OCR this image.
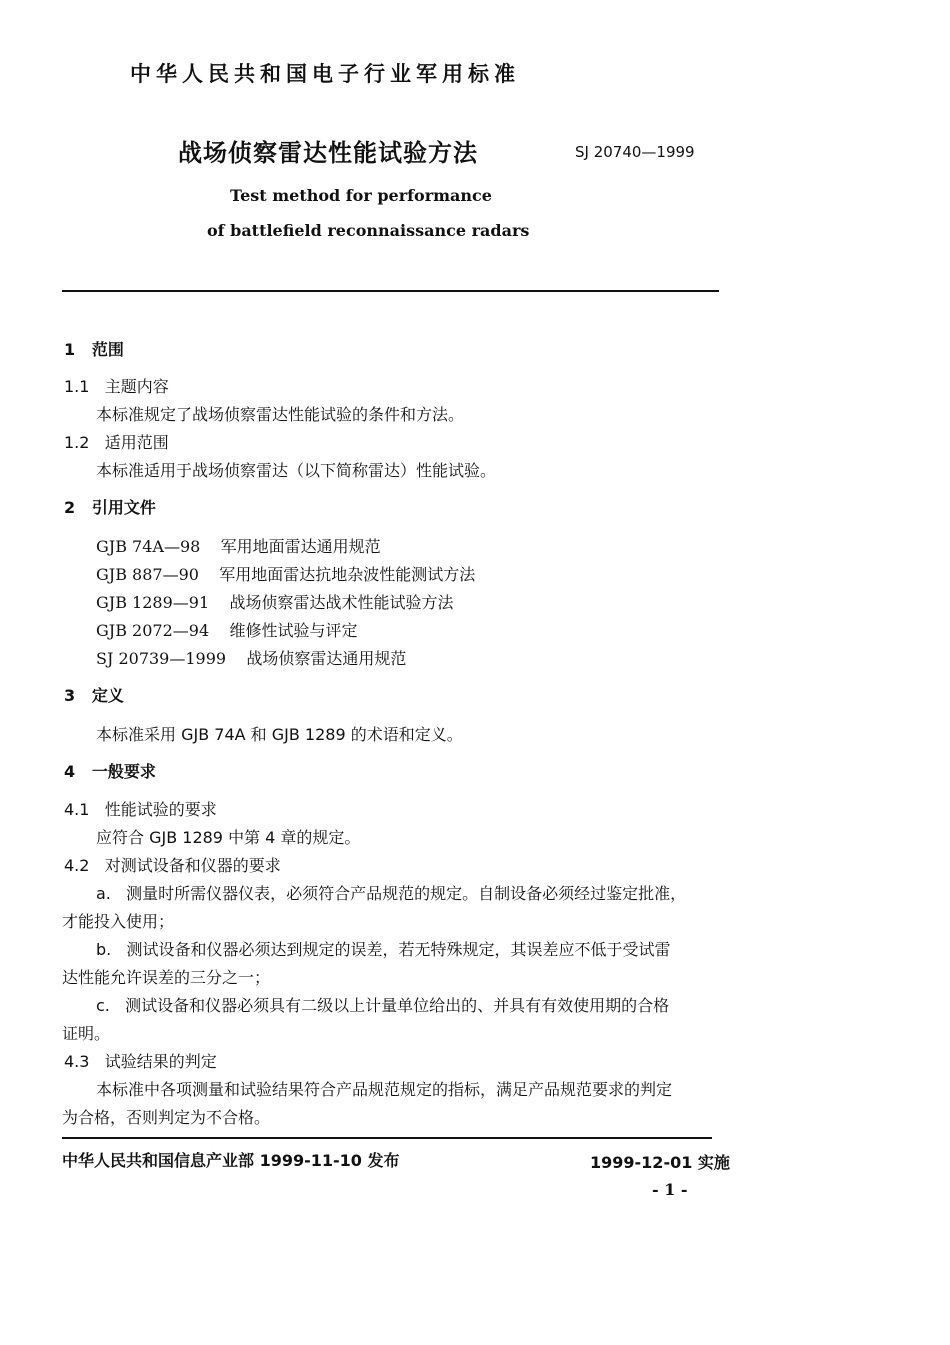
中华人民共和国电子行业军用标准
战场侦察雷达性能试验方法	SJ 20740—1999
Test method for performance
of battlefield reconnaissance radars
1 范围
1.1 主题内容
本标准规定了战场侦察雷达性能试验的条件和方法。
1.2 适用范围
本标准适用于战场侦察雷达（以下简称雷达）性能试验。
2 引用文件
GJB 74A—98 军用地面雷达通用规范
GJB 887—90 军用地面雷达抗地杂波性能测试方法
GJB 1289—91 战场侦察雷达战术性能试验方法
GJB 2072—94 维修性试验与评定
SJ 20739—1999 战场侦察雷达通用规范
3 定义
本标准采用 GJB 74A 和 GJB 1289 的术语和定义。
4 一般要求
4.1 性能试验的要求
应符合 GJB 1289 中第 4 章的规定。
4.2 对测试设备和仪器的要求
a. 测量时所需仪器仪表，必须符合产品规范的规定。自制设备必须经过鉴定批准，
才能投入使用；
b. 测试设备和仪器必须达到规定的误差，若无特殊规定，其误差应不低于受试雷
达性能允许误差的三分之一；
c. 测试设备和仪器必须具有二级以上计量单位给出的、并具有有效使用期的合格
证明。
4.3 试验结果的判定
本标准中各项测量和试验结果符合产品规范规定的指标，满足产品规范要求的判定
为合格，否则判定为不合格。
中华人民共和国信息产业部 1999-11-10 发布	1999-12-01 实施
- 1 -
